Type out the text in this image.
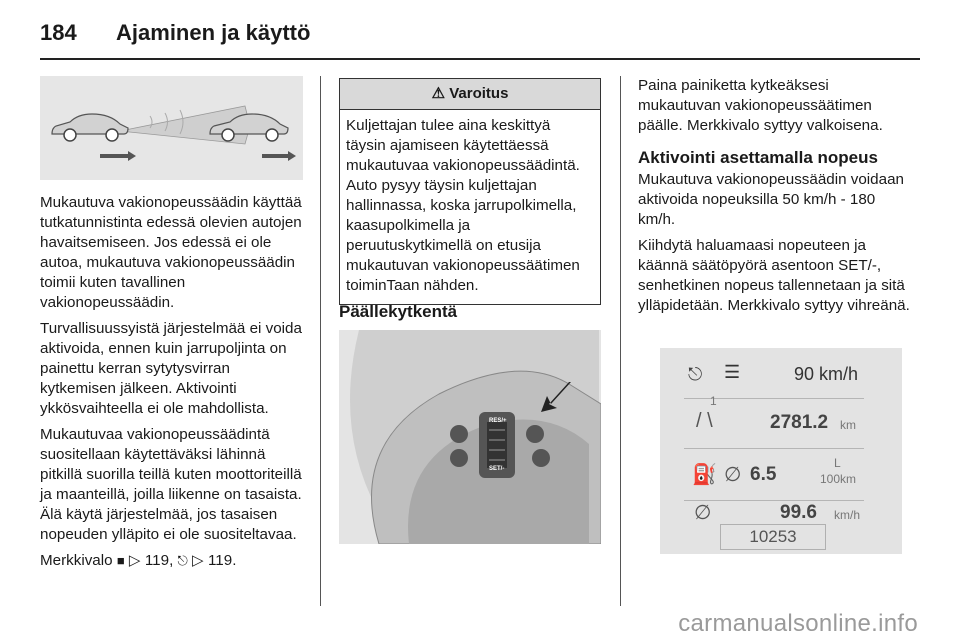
184 Ajaminen ja käyttö

Mukautuva vakionopeussäädin käyttää tutkatunnistinta edessä olevien autojen havaitsemiseen. Jos edessä ei ole autoa, mukautuva vakionopeussäädin toimii kuten tavallinen vakionopeussäädin.

Turvallisuussyistä järjestelmää ei voida aktivoida, ennen kuin jarrupoljinta on painettu kerran sytytysvirran kytkemisen jälkeen. Aktivointi ykkösvaihteella ei ole mahdollista.

Mukautuvaa vakionopeussäädintä suositellaan käytettäväksi lähinnä pitkillä suorilla teillä kuten moottoriteillä ja maanteillä, joilla liikenne on tasaista. Älä käytä järjestelmää, jos tasaisen nopeuden ylläpito ei ole suositeltavaa.

Merkkivalo ■ ▷ 119, ⎋ ▷ 119.

⚠ Varoitus
Kuljettajan tulee aina keskittyä täysin ajamiseen käytettäessä mukautuvaa vakionopeussäädintä. Auto pysyy täysin kuljettajan hallinnassa, koska jarrupolkimella, kaasupolkimella ja peruutuskytkimellä on etusija mukautuvan vakionopeussäätimen toiminTaan nähden.
Päällekytkentä
RES/+
SET/-

Paina painiketta kytkeäksesi mukautuvan vakionopeussäätimen päälle. Merkkivalo syttyy valkoisena.

Aktivointi asettamalla nopeus

Mukautuva vakionopeussäädin voidaan aktivoida nopeuksilla 50 km/h - 180 km/h.

Kiihdytä haluamaasi nopeuteen ja käännä säätöpyörä asentoon SET/-, senhetkinen nopeus tallennetaan ja sitä ylläpidetään. Merkkivalo syttyy vihreänä.

⎋ ☰	90 km/h
1
/ \	2781.2 km
⛽ ∅ 6.5
L
100km
∅	99.6 km/h
10253
carmanualsonline.info
